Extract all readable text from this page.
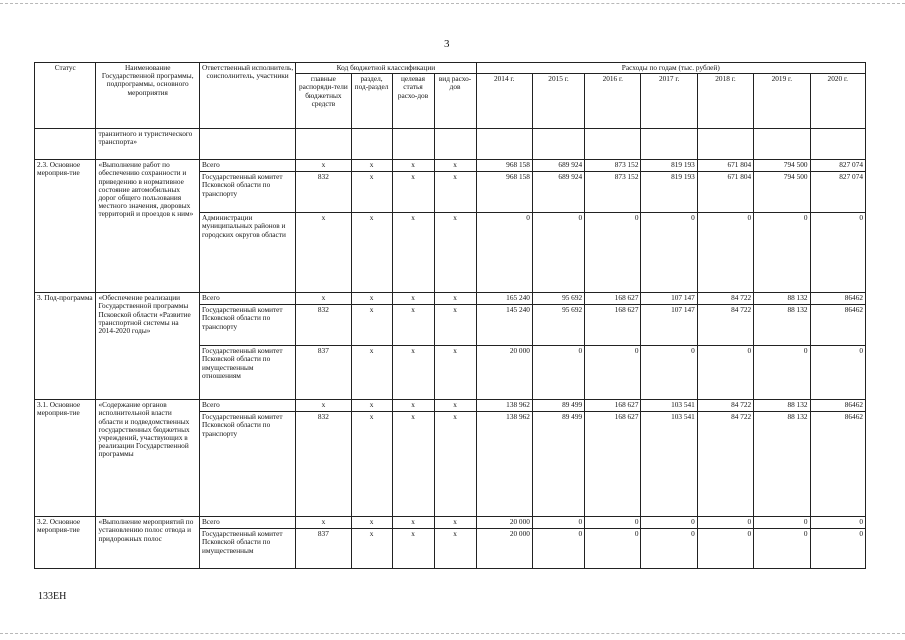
3
Статус	Наименование Государственной программы, подпрограммы, основного мероприятия	Ответственный исполнитель, соисполнитель, участники	Код бюджетной классификации				Расходы по годам (тыс. рублей)						
			главные распоряди-тели бюджетных средств	раздел, под-раздел	целевая статья расхо-дов	вид расхо-дов	2014 г.	2015 г.	2016 г.	2017 г.	2018 г.	2019 г.	2020 г.
	транзитного и туристического транспорта»												
2.3. Основное мероприя-тие	«Выполнение работ по обеспечению сохранности и приведению в нормативное состояние автомобильных дорог общего пользования местного значения, дворовых территорий и проездов к ним»	Всего	х	х	х	х	968 158	689 924	873 152	819 193	671 804	794 500	827 074
		Государственный комитет Псковской области по транспорту	832	х	х	х	968 158	689 924	873 152	819 193	671 804	794 500	827 074
		Администрации муниципальных районов и городских округов области	х	х	х	х	0	0	0	0	0	0	0
3. Под-программа	«Обеспечение реализации Государственной программы Псковской области «Развитие транспортной системы на 2014-2020 годы»	Всего	х	х	х	х	165 240	95 692	168 627	107 147	84 722	88 132	86462
		Государственный комитет Псковской области по транспорту	832	х	х	х	145 240	95 692	168 627	107 147	84 722	88 132	86462
		Государственный комитет Псковской области по имущественным отношениям	837	х	х	х	20 000	0	0	0	0	0	0
3.1. Основное мероприя-тие	«Содержание органов исполнительной власти области и подведомственных государственных бюджетных учреждений, участвующих в реализации Государственной программы	Всего	х	х	х	х	138 962	89 499	168 627	103 541	84 722	88 132	86462
		Государственный комитет Псковской области по транспорту	832	х	х	х	138 962	89 499	168 627	103 541	84 722	88 132	86462
3.2. Основное мероприя-тие	«Выполнение мероприятий по установлению полос отвода и придорожных полос	Всего	х	х	х	х	20 000	0	0	0	0	0	0
		Государственный комитет Псковской области по имущественным	837	х	х	х	20 000	0	0	0	0	0	0
133EH
